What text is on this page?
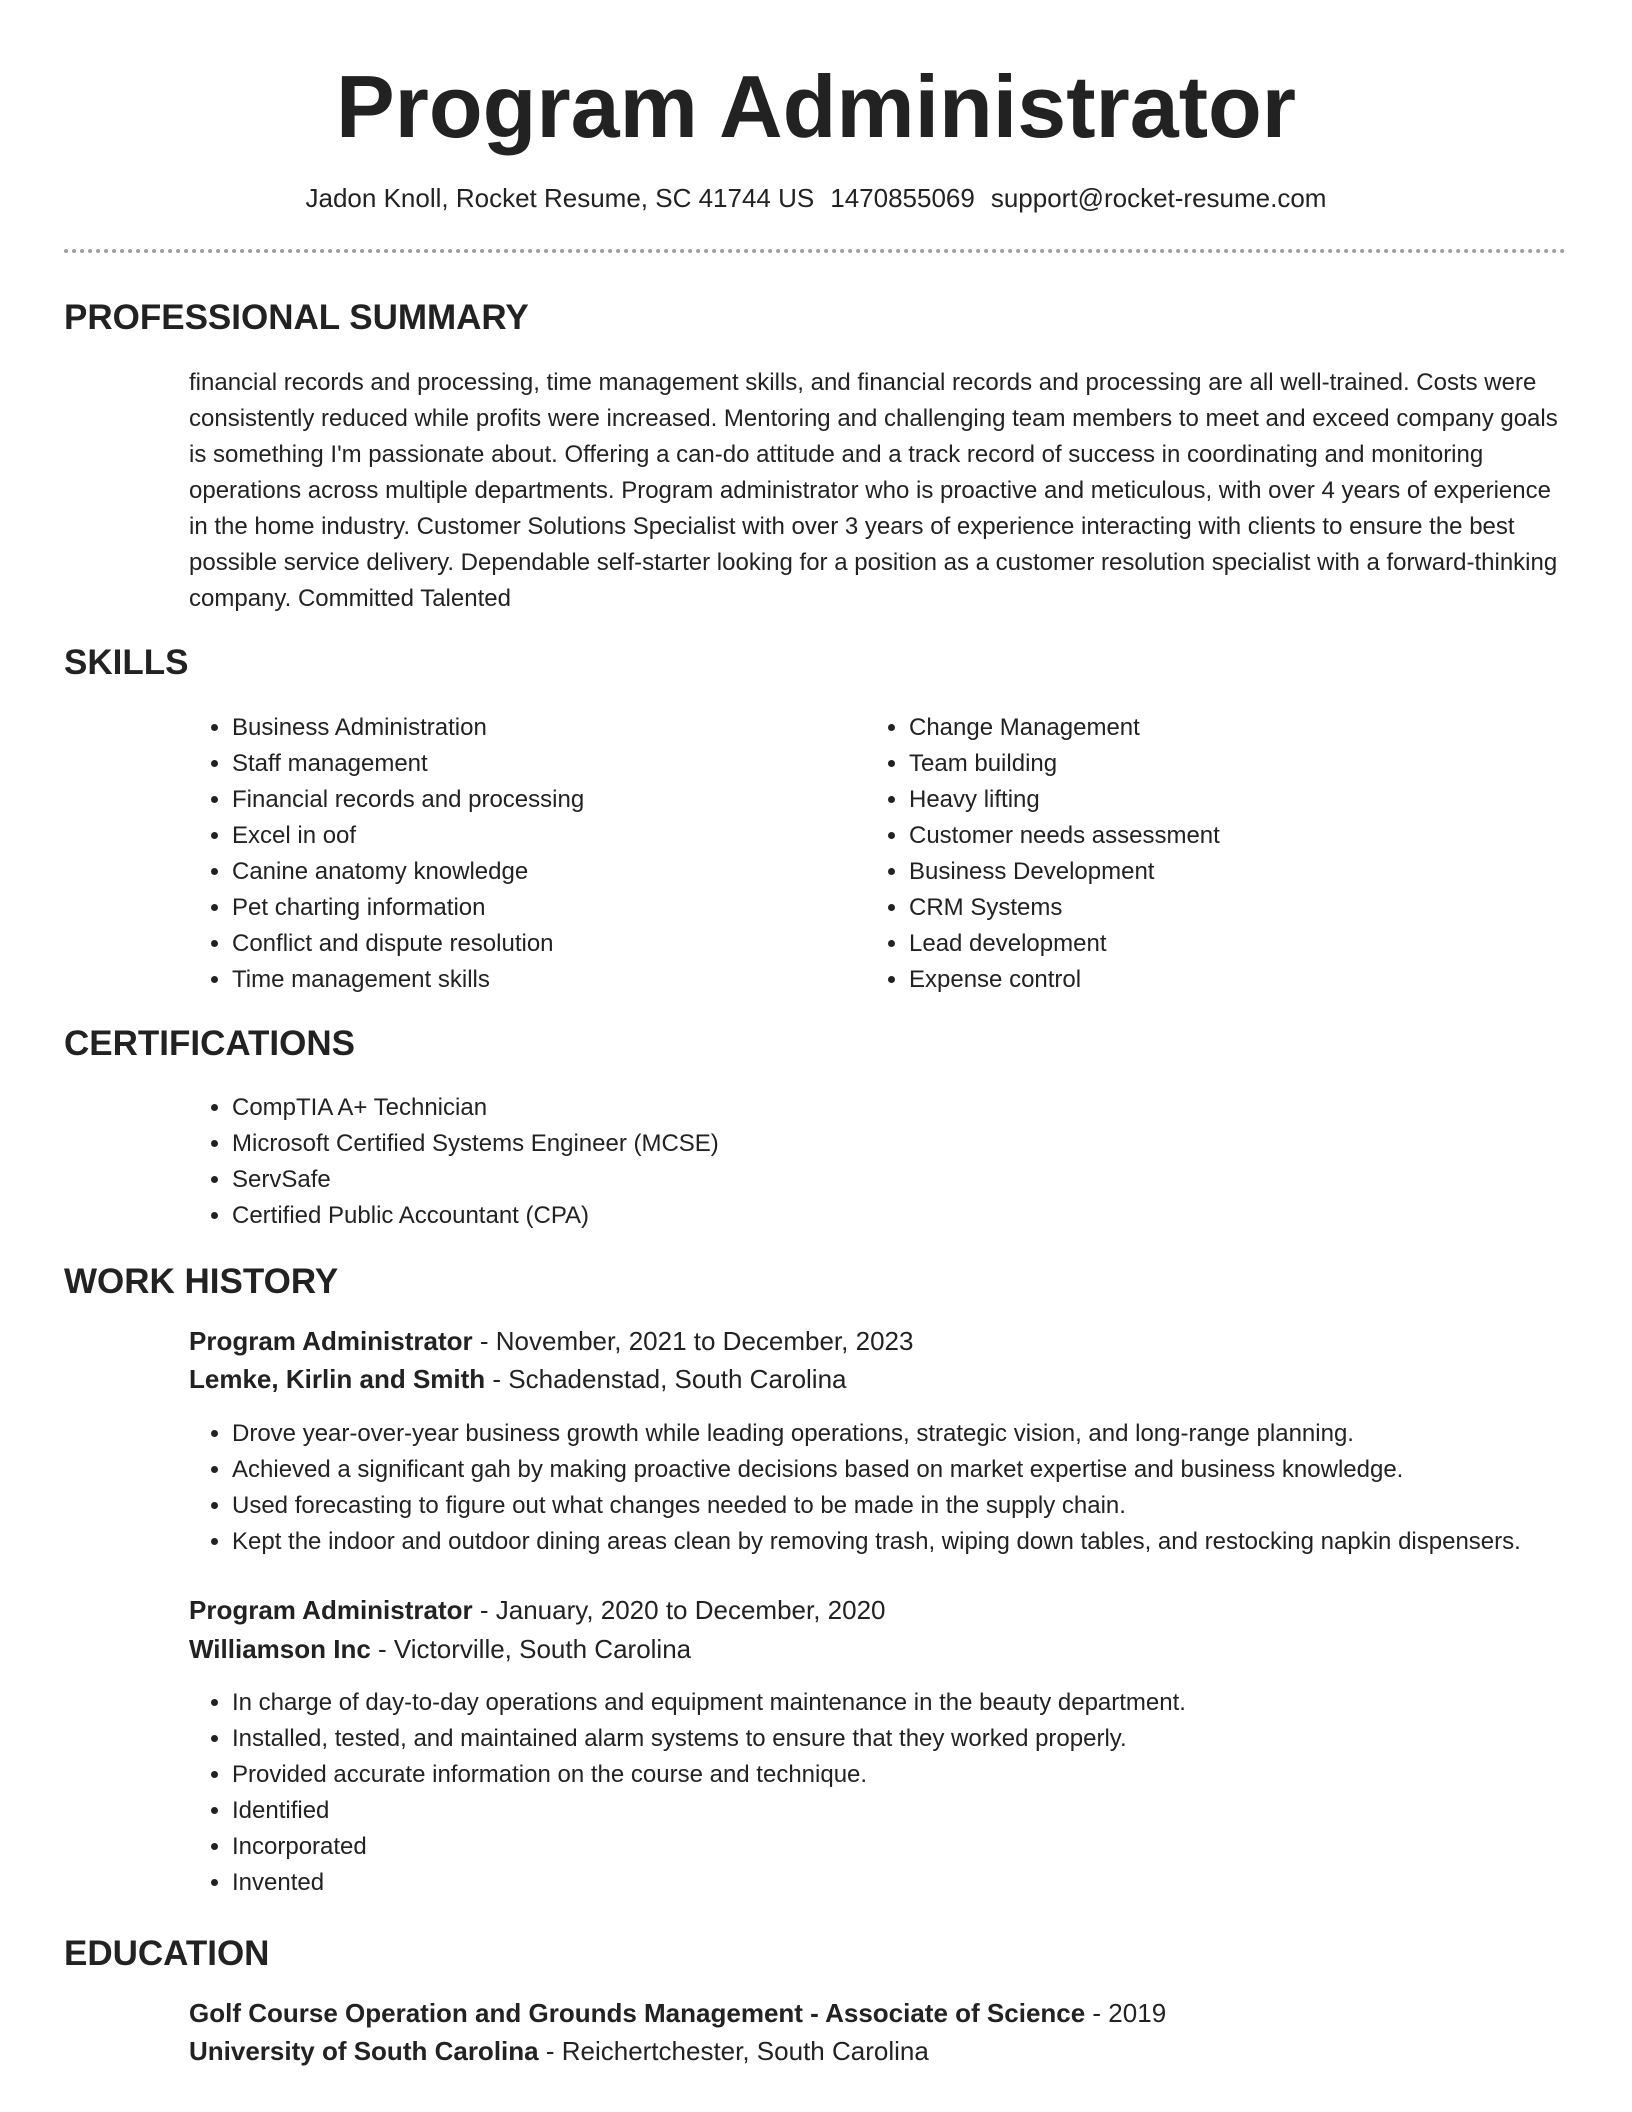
Program Administrator
Jadon Knoll, Rocket Resume, SC 41744 US 1470855069 support@rocket-resume.com
PROFESSIONAL SUMMARY

financial records and processing, time management skills, and financial records and processing are all well-trained. Costs were consistently reduced while profits were increased. Mentoring and challenging team members to meet and exceed company goals is something I'm passionate about. Offering a can-do attitude and a track record of success in coordinating and monitoring operations across multiple departments. Program administrator who is proactive and meticulous, with over 4 years of experience in the home industry. Customer Solutions Specialist with over 3 years of experience interacting with clients to ensure the best possible service delivery. Dependable self-starter looking for a position as a customer resolution specialist with a forward-thinking company. Committed Talented

SKILLS
• Business Administration
• Staff management
• Financial records and processing
• Excel in oof
• Canine anatomy knowledge
• Pet charting information
• Conflict and dispute resolution
• Time management skills
• Change Management
• Team building
• Heavy lifting
• Customer needs assessment
• Business Development
• CRM Systems
• Lead development
• Expense control
CERTIFICATIONS
• CompTIA A+ Technician
• Microsoft Certified Systems Engineer (MCSE)
• ServSafe
• Certified Public Accountant (CPA)
WORK HISTORY
Program Administrator - November, 2021 to December, 2023
Lemke, Kirlin and Smith - Schadenstad, South Carolina
• Drove year-over-year business growth while leading operations, strategic vision, and long-range planning.
• Achieved a significant gah by making proactive decisions based on market expertise and business knowledge.
• Used forecasting to figure out what changes needed to be made in the supply chain.
• Kept the indoor and outdoor dining areas clean by removing trash, wiping down tables, and restocking napkin dispensers.
Program Administrator - January, 2020 to December, 2020
Williamson Inc - Victorville, South Carolina
• In charge of day-to-day operations and equipment maintenance in the beauty department.
• Installed, tested, and maintained alarm systems to ensure that they worked properly.
• Provided accurate information on the course and technique.
• Identified
• Incorporated
• Invented
EDUCATION
Golf Course Operation and Grounds Management - Associate of Science - 2019
University of South Carolina - Reichertchester, South Carolina
